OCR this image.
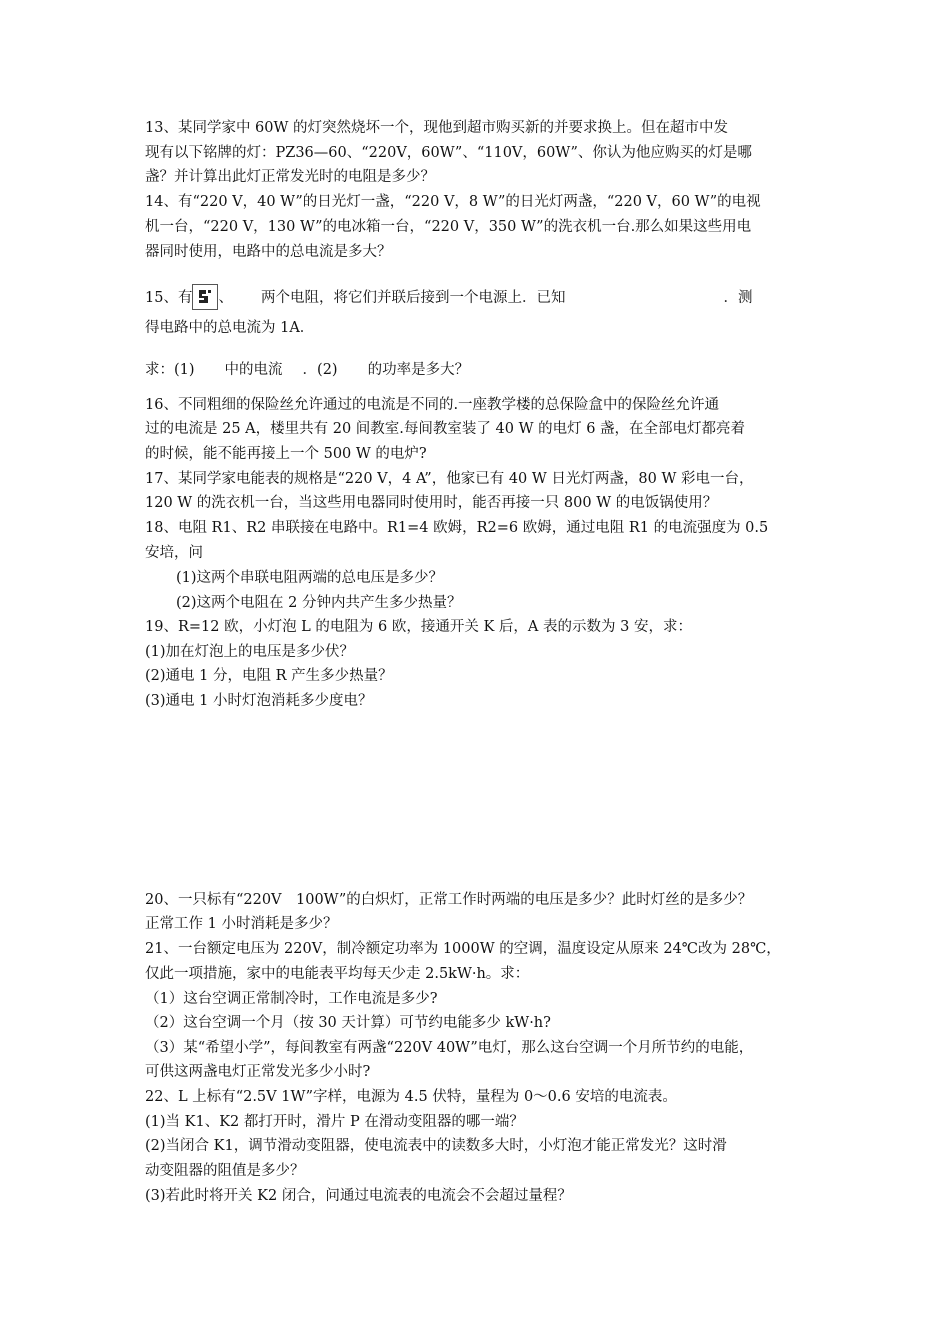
13、某同学家中 60W 的灯突然烧坏一个，现他到超市购买新的并要求换上。但在超市中发
现有以下铭牌的灯：PZ36—60、“220V，60W”、“110V，60W”、你认为他应购买的灯是哪
盏？并计算出此灯正常发光时的电阻是多少？
14、有“220 V，40 W”的日光灯一盏，“220 V，8 W”的日光灯两盏，“220 V，60 W”的电视
机一台，“220 V，130 W”的电冰箱一台，“220 V，350 W”的洗衣机一台.那么如果这些用电
器同时使用，电路中的总电流是多大？
15、有 、 两个电阻，将它们并联后接到一个电源上．已知	．测
得电路中的总电流为 1A．
求：(1) 中的电流 ．(2) 的功率是多大？
16、不同粗细的保险丝允许通过的电流是不同的.一座教学楼的总保险盒中的保险丝允许通
过的电流是 25 A，楼里共有 20 间教室.每间教室装了 40 W 的电灯 6 盏，在全部电灯都亮着
的时候，能不能再接上一个 500 W 的电炉?
17、某同学家电能表的规格是“220 V，4 A”，他家已有 40 W 日光灯两盏，80 W 彩电一台，
120 W 的洗衣机一台，当这些用电器同时使用时，能否再接一只 800 W 的电饭锅使用？
18、电阻 R1、R2 串联接在电路中。R1=4 欧姆，R2=6 欧姆，通过电阻 R1 的电流强度为 0.5
安培，问
(1)这两个串联电阻两端的总电压是多少？
(2)这两个电阻在 2 分钟内共产生多少热量？
19、R=12 欧，小灯泡 L 的电阻为 6 欧，接通开关 K 后，A 表的示数为 3 安，求：
(1)加在灯泡上的电压是多少伏？
(2)通电 1 分，电阻 R 产生多少热量？
(3)通电 1 小时灯泡消耗多少度电？
20、一只标有“220V　100W”的白炽灯，正常工作时两端的电压是多少？此时灯丝的是多少？
正常工作 1 小时消耗是多少？
21、一台额定电压为 220V，制冷额定功率为 1000W 的空调，温度设定从原来 24℃改为 28℃，
仅此一项措施，家中的电能表平均每天少走 2.5kW·h。求：
（1）这台空调正常制冷时，工作电流是多少?
（2）这台空调一个月（按 30 天计算）可节约电能多少 kW·h?
（3）某“希望小学”，每间教室有两盏“220V 40W”电灯，那么这台空调一个月所节约的电能，
可供这两盏电灯正常发光多少小时?
22、L 上标有“2.5V 1W”字样，电源为 4.5 伏特，量程为 0～0.6 安培的电流表。
(1)当 K1、K2 都打开时，滑片 P 在滑动变阻器的哪一端？
(2)当闭合 K1，调节滑动变阻器，使电流表中的读数多大时，小灯泡才能正常发光？这时滑
动变阻器的阻值是多少？
(3)若此时将开关 K2 闭合，问通过电流表的电流会不会超过量程？
